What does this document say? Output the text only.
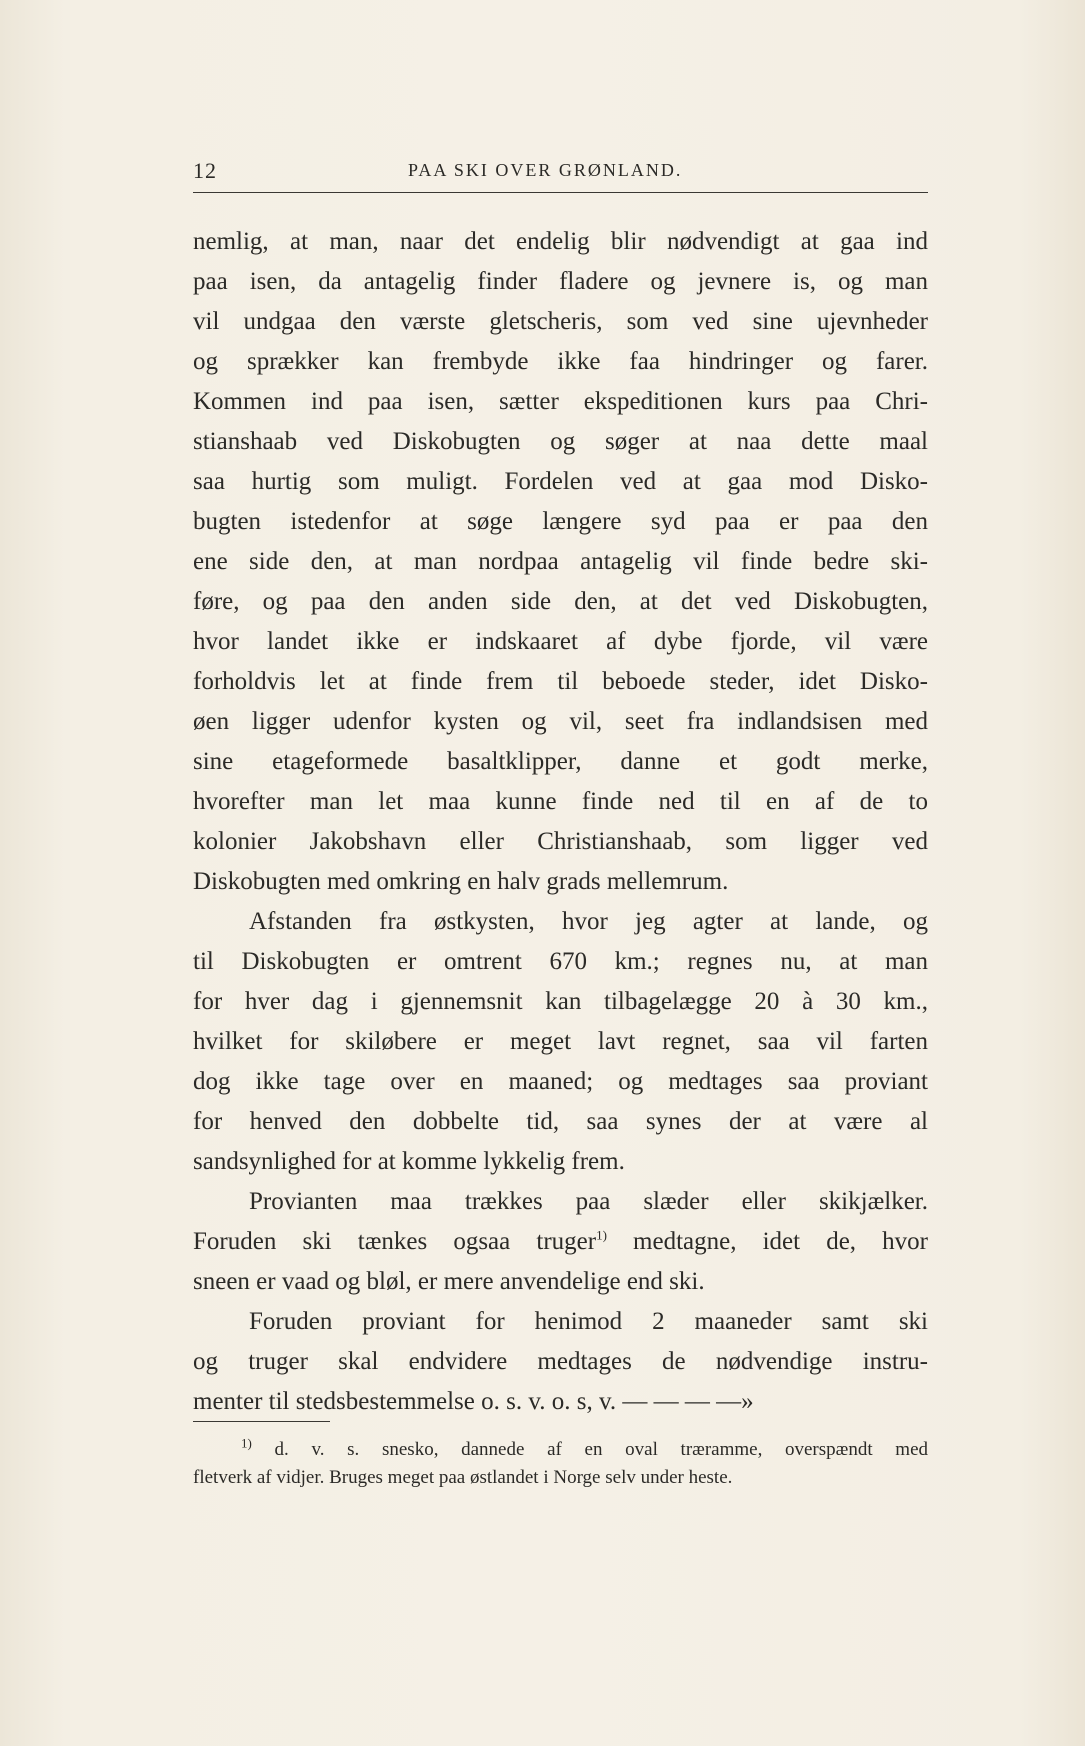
12	PAA SKI OVER GRØNLAND.
nemlig, at man, naar det endelig blir nødvendigt at gaa ind
paa isen, da antagelig finder fladere og jevnere is, og man
vil undgaa den værste gletscheris, som ved sine ujevnheder
og sprækker kan frembyde ikke faa hindringer og farer.
Kommen ind paa isen, sætter ekspeditionen kurs paa Chri-
stianshaab ved Diskobugten og søger at naa dette maal
saa hurtig som muligt. Fordelen ved at gaa mod Disko-
bugten istedenfor at søge længere syd paa er paa den
ene side den, at man nordpaa antagelig vil finde bedre ski-
føre, og paa den anden side den, at det ved Diskobugten,
hvor landet ikke er indskaaret af dybe fjorde, vil være
forholdvis let at finde frem til beboede steder, idet Disko-
øen ligger udenfor kysten og vil, seet fra indlandsisen med
sine etageformede basaltklipper, danne et godt merke,
hvorefter man let maa kunne finde ned til en af de to
kolonier Jakobshavn eller Christianshaab, som ligger ved
Diskobugten med omkring en halv grads mellemrum.
Afstanden fra østkysten, hvor jeg agter at lande, og
til Diskobugten er omtrent 670 km.; regnes nu, at man
for hver dag i gjennemsnit kan tilbagelægge 20 à 30 km.,
hvilket for skiløbere er meget lavt regnet, saa vil farten
dog ikke tage over en maaned; og medtages saa proviant
for henved den dobbelte tid, saa synes der at være al
sandsynlighed for at komme lykkelig frem.
Provianten maa trækkes paa slæder eller skikjælker.
Foruden ski tænkes ogsaa truger$^{1)}$ medtagne, idet de, hvor
sneen er vaad og bløl, er mere anvendelige end ski.
Foruden proviant for henimod 2 maaneder samt ski
og truger skal endvidere medtages de nødvendige instru-
menter til stedsbestemmelse o. s. v. o. s, v. — — — —»
$^{1)}$ d. v. s. snesko, dannede af en oval træramme, overspændt med
fletverk af vidjer. Bruges meget paa østlandet i Norge selv under heste.
